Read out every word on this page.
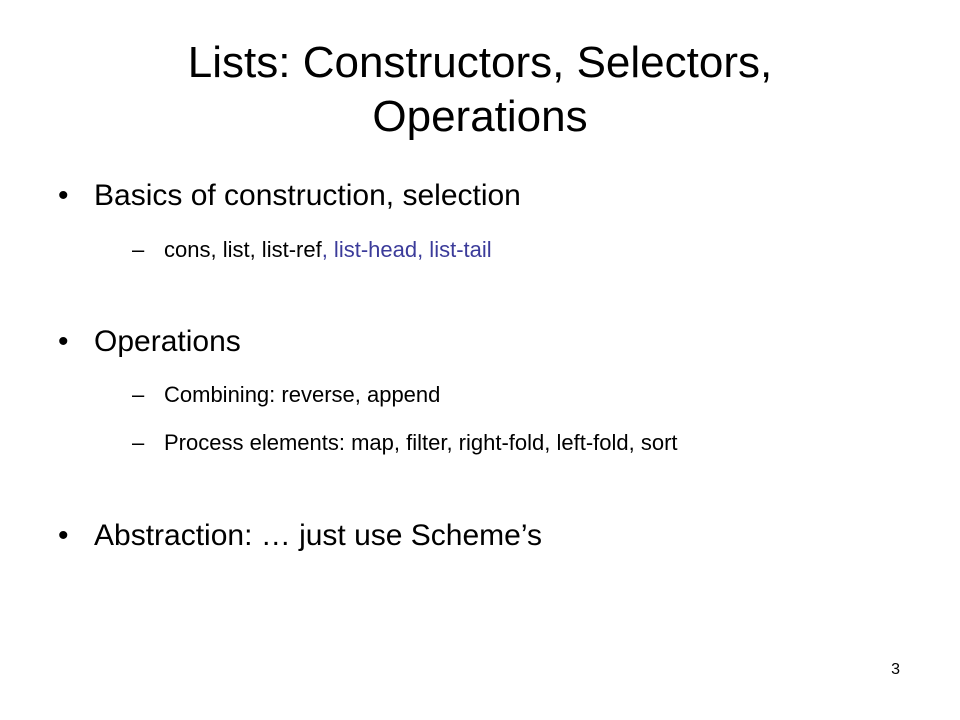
Lists: Constructors, Selectors,
Operations
• Basics of construction, selection
– cons, list, list-ref, list-head, list-tail
• Operations
– Combining: reverse, append
– Process elements: map, filter, right-fold, left-fold, sort
• Abstraction: … just use Scheme’s
3
